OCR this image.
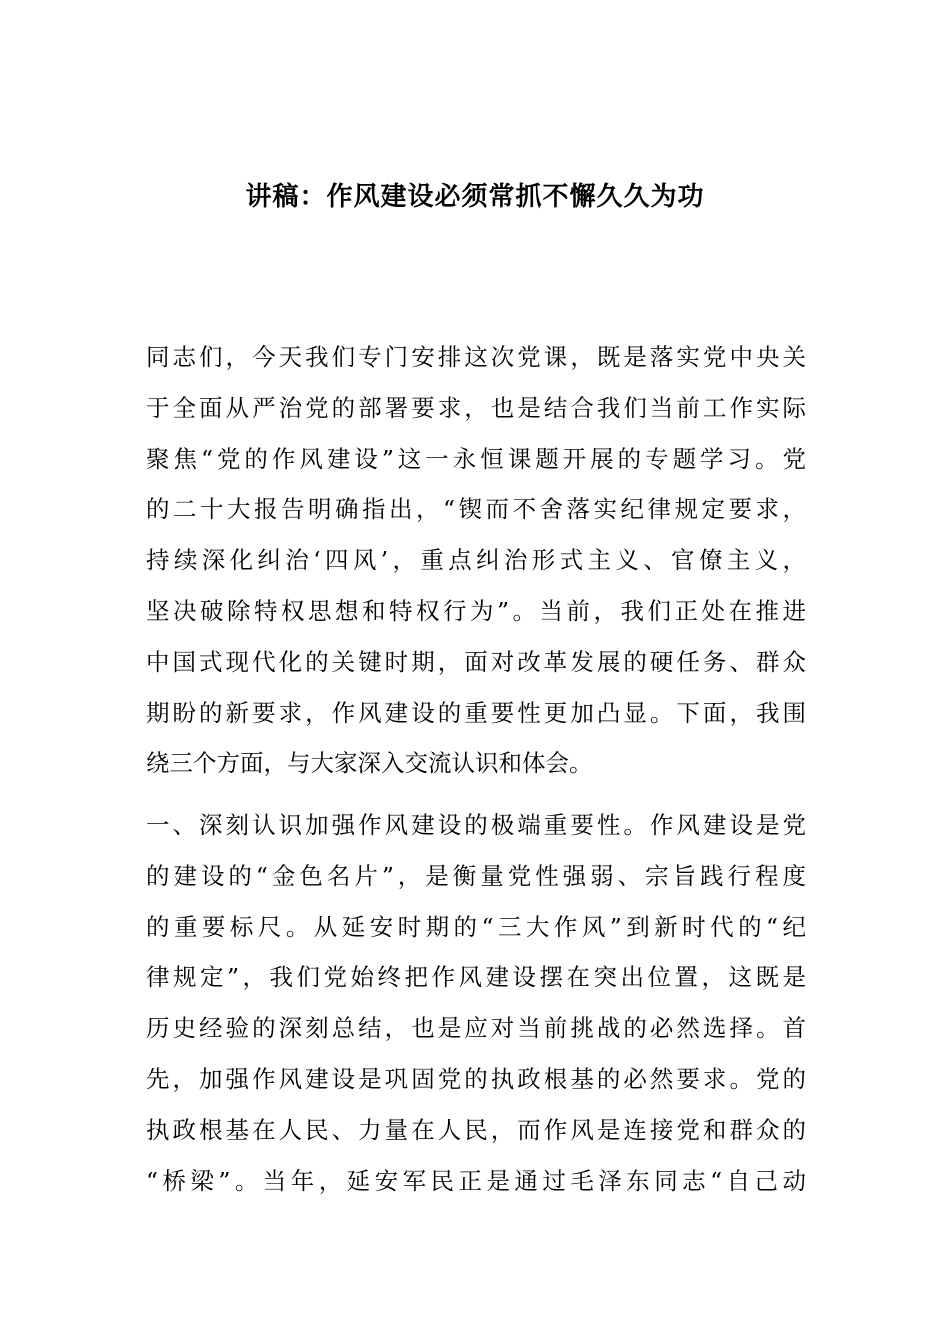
讲稿：作风建设必须常抓不懈久久为功
同志们，今天我们专门安排这次党课，既是落实党中央关
于全面从严治党的部署要求，也是结合我们当前工作实际
聚焦“党的作风建设”这一永恒课题开展的专题学习。党
的二十大报告明确指出，“锲而不舍落实纪律规定要求，
持续深化纠治‘四风’，重点纠治形式主义、官僚主义，
坚决破除特权思想和特权行为”。当前，我们正处在推进
中国式现代化的关键时期，面对改革发展的硬任务、群众
期盼的新要求，作风建设的重要性更加凸显。下面，我围
绕三个方面，与大家深入交流认识和体会。
一、深刻认识加强作风建设的极端重要性。作风建设是党
的建设的“金色名片”，是衡量党性强弱、宗旨践行程度
的重要标尺。从延安时期的“三大作风”到新时代的“纪
律规定”，我们党始终把作风建设摆在突出位置，这既是
历史经验的深刻总结，也是应对当前挑战的必然选择。首
先，加强作风建设是巩固党的执政根基的必然要求。党的
执政根基在人民、力量在人民，而作风是连接党和群众的
“桥梁”。当年，延安军民正是通过毛泽东同志“自己动
